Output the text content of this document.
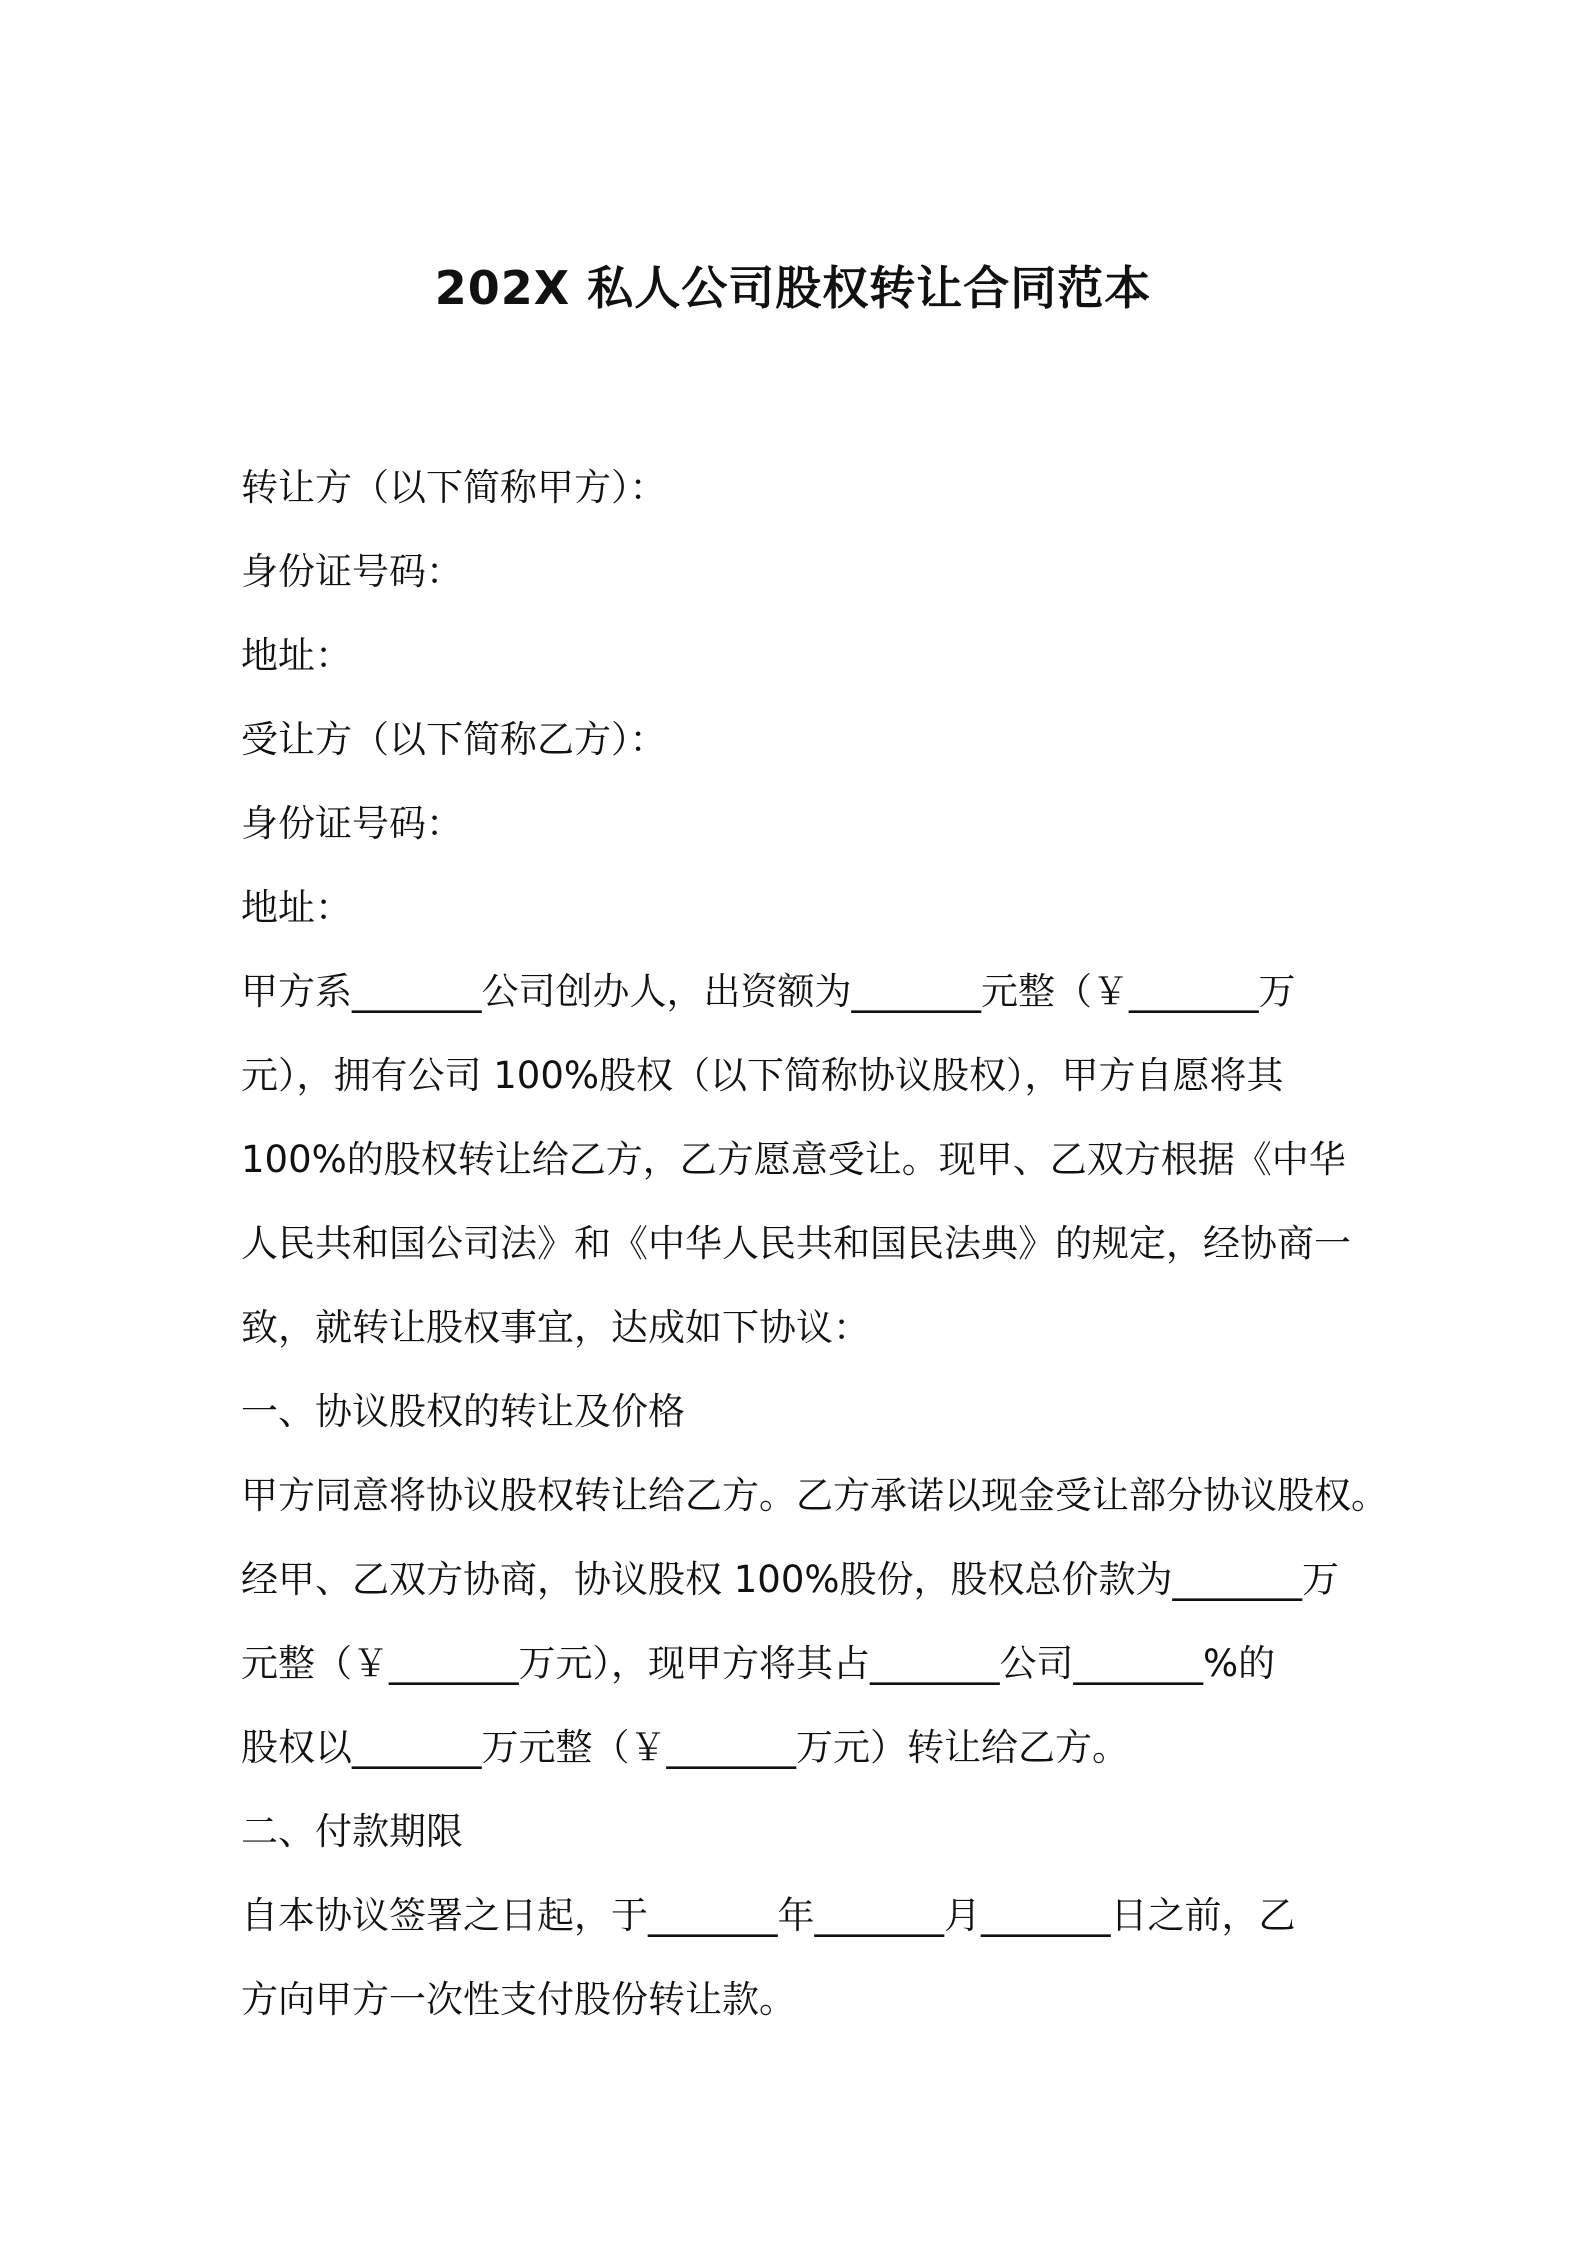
202X 私人公司股权转让合同范本
转让方（以下简称甲方）：
身份证号码：
地址：
受让方（以下简称乙方）：
身份证号码：
地址：
甲方系_______公司创办人，出资额为_______元整（￥_______万
元），拥有公司 100%股权（以下简称协议股权），甲方自愿将其
100%的股权转让给乙方，乙方愿意受让。现甲、乙双方根据《中华
人民共和国公司法》和《中华人民共和国民法典》的规定，经协商一
致，就转让股权事宜，达成如下协议：
一、协议股权的转让及价格
甲方同意将协议股权转让给乙方。乙方承诺以现金受让部分协议股权。
经甲、乙双方协商，协议股权 100%股份，股权总价款为_______万
元整（￥_______万元），现甲方将其占_______公司_______%的
股权以_______万元整（￥_______万元）转让给乙方。
二、付款期限
自本协议签署之日起，于_______年_______月_______日之前，乙
方向甲方一次性支付股份转让款。
